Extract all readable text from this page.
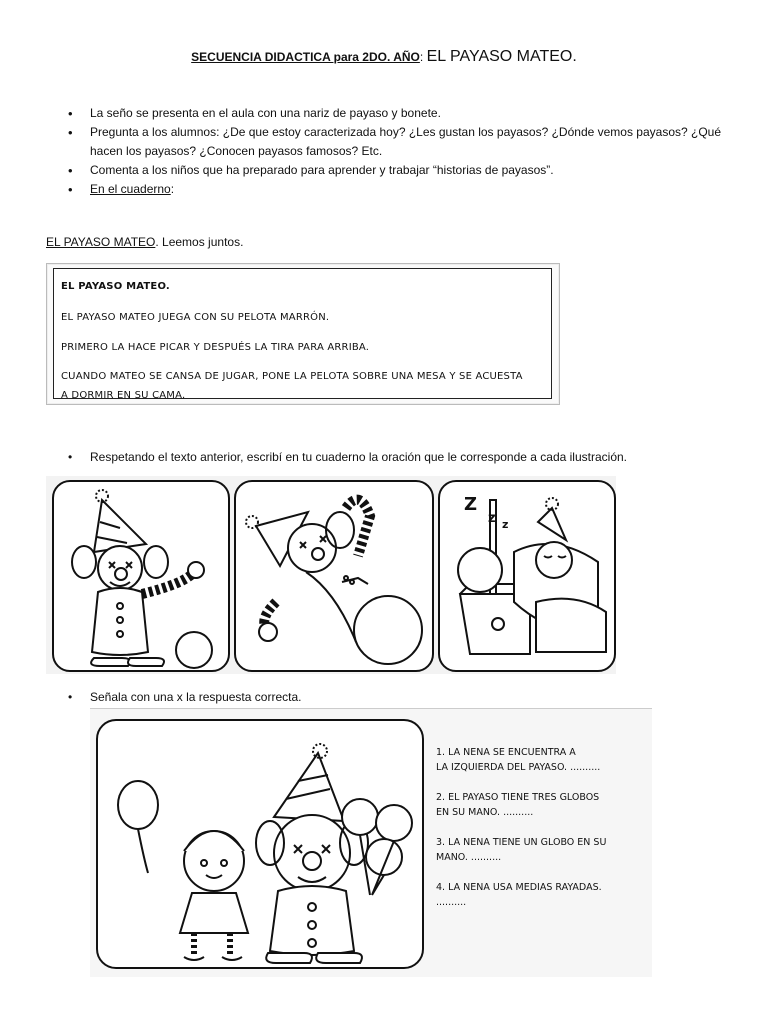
SECUENCIA DIDACTICA para 2DO. AÑO: EL PAYASO MATEO.
• La seño se presenta en el aula con una nariz de payaso y bonete.
• Pregunta a los alumnos: ¿De que estoy caracterizada hoy? ¿Les gustan los payasos? ¿Dónde vemos payasos? ¿Qué hacen los payasos? ¿Conocen payasos famosos? Etc.
• Comenta a los niños que ha preparado para aprender y trabajar “historias de payasos”.
• En el cuaderno:
EL PAYASO MATEO. Leemos juntos.

EL PAYASO MATEO.

EL PAYASO MATEO JUEGA CON SU PELOTA MARRÓN.

PRIMERO LA HACE PICAR Y DESPUÉS LA TIRA PARA ARRIBA.

CUANDO MATEO SE CANSA DE JUGAR, PONE LA PELOTA SOBRE UNA MESA Y SE ACUESTA

A DORMIR EN SU CAMA.

• Respetando el texto anterior, escribí en tu cuaderno la oración que le corresponde a cada ilustración.
Z
z z
• Señala con una x la respuesta correcta.
1. LA NENA SE ENCUENTRA A
LA IZQUIERDA DEL PAYASO. ..........
2. EL PAYASO TIENE TRES GLOBOS
EN SU MANO. ..........
3. LA NENA TIENE UN GLOBO EN SU
MANO. ..........
4. LA NENA USA MEDIAS RAYADAS.
..........
